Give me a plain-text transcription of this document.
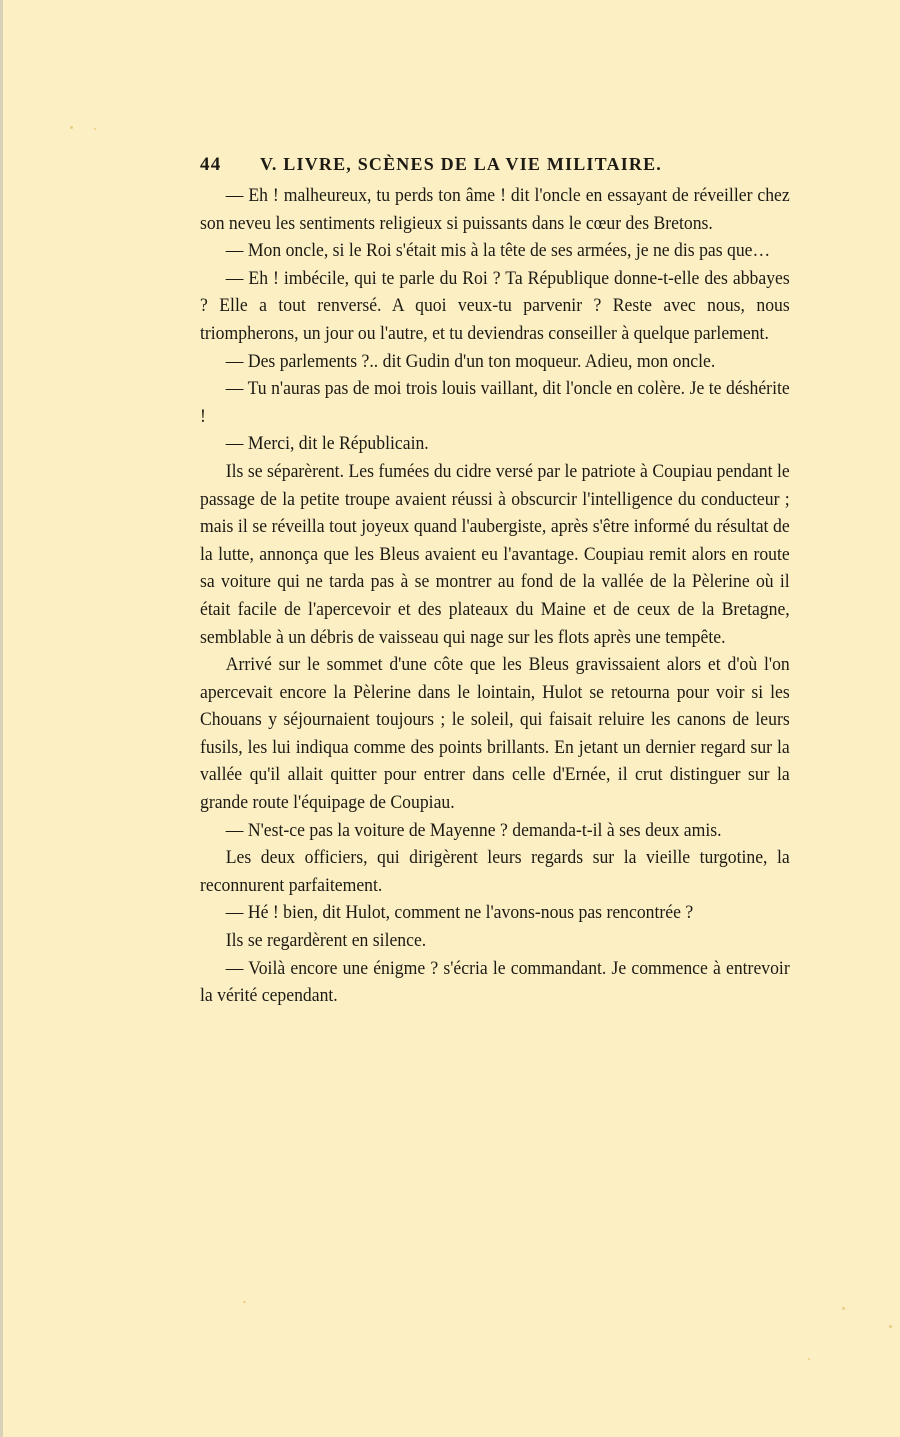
44	V. LIVRE, SCÈNES DE LA VIE MILITAIRE.

— Eh ! malheureux, tu perds ton âme ! dit l'oncle en essayant de réveiller chez son neveu les sentiments religieux si puissants dans le cœur des Bretons.

— Mon oncle, si le Roi s'était mis à la tête de ses armées, je ne dis pas que…

— Eh ! imbécile, qui te parle du Roi ? Ta République donne-t-elle des abbayes ? Elle a tout renversé. A quoi veux-tu parvenir ? Reste avec nous, nous triompherons, un jour ou l'autre, et tu deviendras conseiller à quelque parlement.

— Des parlements ?.. dit Gudin d'un ton moqueur. Adieu, mon oncle.

— Tu n'auras pas de moi trois louis vaillant, dit l'oncle en colère. Je te déshérite !

— Merci, dit le Républicain.

Ils se séparèrent. Les fumées du cidre versé par le patriote à Coupiau pendant le passage de la petite troupe avaient réussi à obscurcir l'intelligence du conducteur ; mais il se réveilla tout joyeux quand l'aubergiste, après s'être informé du résultat de la lutte, annonça que les Bleus avaient eu l'avantage. Coupiau remit alors en route sa voiture qui ne tarda pas à se montrer au fond de la vallée de la Pèlerine où il était facile de l'apercevoir et des plateaux du Maine et de ceux de la Bretagne, semblable à un débris de vaisseau qui nage sur les flots après une tempête.

Arrivé sur le sommet d'une côte que les Bleus gravissaient alors et d'où l'on apercevait encore la Pèlerine dans le lointain, Hulot se retourna pour voir si les Chouans y séjournaient toujours ; le soleil, qui faisait reluire les canons de leurs fusils, les lui indiqua comme des points brillants. En jetant un dernier regard sur la vallée qu'il allait quitter pour entrer dans celle d'Ernée, il crut distinguer sur la grande route l'équipage de Coupiau.

— N'est-ce pas la voiture de Mayenne ? demanda-t-il à ses deux amis.

Les deux officiers, qui dirigèrent leurs regards sur la vieille turgotine, la reconnurent parfaitement.

— Hé ! bien, dit Hulot, comment ne l'avons-nous pas rencontrée ?

Ils se regardèrent en silence.

— Voilà encore une énigme ? s'écria le commandant. Je commence à entrevoir la vérité cependant.
